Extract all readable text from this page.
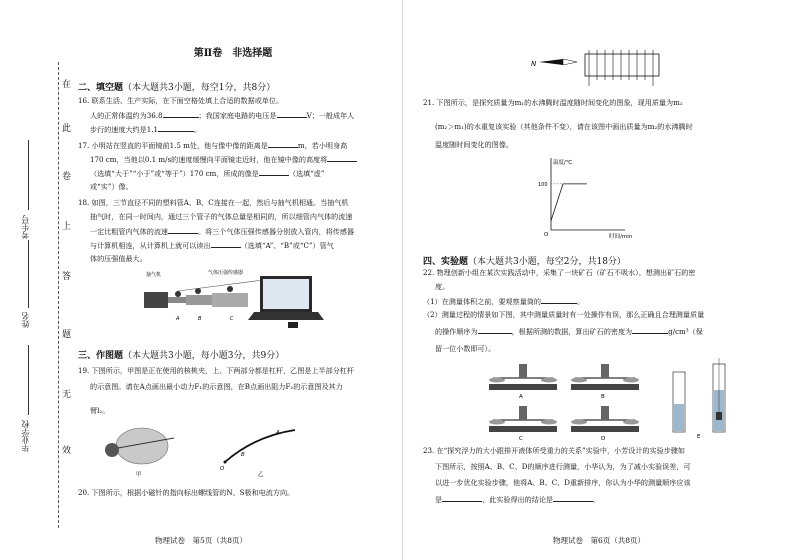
在
此
卷
上
答
题
无
效
考生号
姓名
毕业学校
第Ⅱ卷　非选择题
二、填空题（本大题共3小题，每空1分，共8分）
16. 联系生活、生产实际，在下面空格处填上合适的数据或单位。
人的正常体温约为36.8	；我国家庭电路的电压是	V；一般成年人
步行的速度大约是1.1	。
17. 小明站在竖直的平面镜前1.5 m处，他与像中像的距离是	m，若小明身高
170 cm，当他以0.1 m/s的速度缓慢向平面镜走近时，他在镜中像的高度将
（选填“大于”“小于”或“等于”）170 cm，所成的像是	（选填“虚”
或“实”）像。
18. 如图，三节直径不同的塑料管A、B、C连接在一起，然后与抽气机相通。当抽气机
抽气时，在同一时间内，通过三个管子的气体总量是相同的，所以细管内气体的流速
一定比粗管内气体的流速	。将三个气体压强传感器分别放入管内，将传感器
与计算机相连，从计算机上就可以读出	（选填“A”、“B”或“C”）管气
体的压强值最大。
抽气机	气体压强传感器
A	B	C
三、作图题（本大题共3小题，每小题3分，共9分）
19. 下图所示，甲图是正在使用的核桃夹，上、下两部分都是杠杆，乙图是上半部分杠杆
的示意图。请在A点画出最小动力F₁的示意图，在B点画出阻力F₂的示意图及其力
臂l₂。
甲
O
B
A
乙
20. 下图所示，根据小磁针的指向标出螺线管的N、S极和电流方向。
物理试卷　第5页（共8页）
N
21. 下图所示，是探究质量为m₁的水沸腾时温度随时间变化的图象，现用质量为m₂
(m₂＞m₁)的水重复该实验（其他条件不变），请在该图中画出质量为m₂的水沸腾时
温度随时间变化的图像。
温度/℃
时间/min
O
100
四、实验题（本大题共3小题，每空2分，共18分）
22. 物理创新小组在某次实践活动中，采集了一块矿石（矿石不吸水），想测出矿石的密
度。
（1）在测量体积之前，要观察量筒的	。
（2）测量过程的情景如下图，其中测量质量时有一处操作有误，那么正确且合理测量质量
的操作顺序为	，根据所测的数据，算出矿石的密度为	g/cm³（保
留一位小数即可）。
A	B
C	D	E
23. 在“探究浮力的大小跟排开液体所受重力的关系”实验中，小芳设计的实验步骤如
下图所示，按照A、B、C、D的顺序进行测量，小华认为，为了减小实验误差，可
以进一步优化实验步骤，他将A、B、C、D重新排序，你认为小华的测量顺序应该
是	，此实验得出的结论是	。
物理试卷　第6页（共8页）
